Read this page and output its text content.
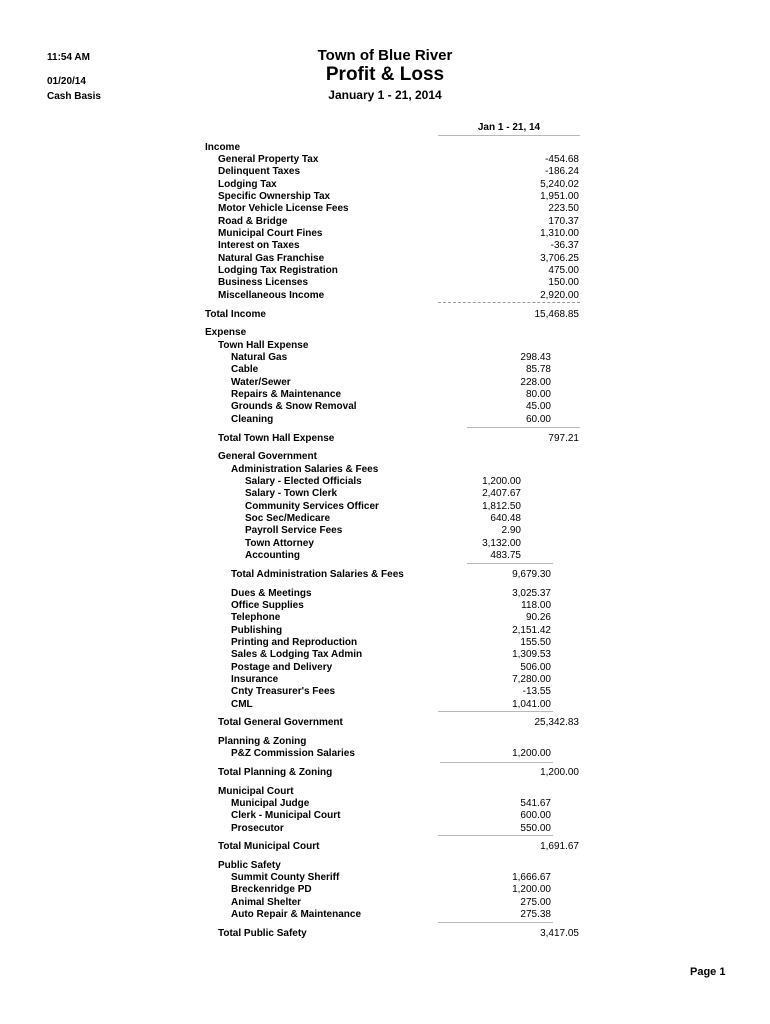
11:54 AM
01/20/14
Cash Basis
Town of Blue River
Profit & Loss
January 1 - 21, 2014
Jan 1 - 21, 14
Income
General Property Tax	-454.68
Delinquent Taxes	-186.24
Lodging Tax	5,240.02
Specific Ownership Tax	1,951.00
Motor Vehicle License Fees	223.50
Road & Bridge	170.37
Municipal Court Fines	1,310.00
Interest on Taxes	-36.37
Natural Gas Franchise	3,706.25
Lodging Tax Registration	475.00
Business Licenses	150.00
Miscellaneous Income	2,920.00
Total Income	15,468.85
Expense
Town Hall Expense
Natural Gas	298.43
Cable	85.78
Water/Sewer	228.00
Repairs & Maintenance	80.00
Grounds & Snow Removal	45.00
Cleaning	60.00
Total Town Hall Expense	797.21
General Government
Administration Salaries & Fees
Salary - Elected Officials	1,200.00
Salary - Town Clerk	2,407.67
Community Services Officer	1,812.50
Soc Sec/Medicare	640.48
Payroll Service Fees	2.90
Town Attorney	3,132.00
Accounting	483.75
Total Administration Salaries & Fees	9,679.30
Dues & Meetings	3,025.37
Office Supplies	118.00
Telephone	90.26
Publishing	2,151.42
Printing and Reproduction	155.50
Sales & Lodging Tax Admin	1,309.53
Postage and Delivery	506.00
Insurance	7,280.00
Cnty Treasurer's Fees	-13.55
CML	1,041.00
Total General Government	25,342.83
Planning & Zoning
P&Z Commission Salaries	1,200.00
Total Planning & Zoning	1,200.00
Municipal Court
Municipal Judge	541.67
Clerk - Municipal Court	600.00
Prosecutor	550.00
Total Municipal Court	1,691.67
Public Safety
Summit County Sheriff	1,666.67
Breckenridge PD	1,200.00
Animal Shelter	275.00
Auto Repair & Maintenance	275.38
Total Public Safety	3,417.05
Page 1
